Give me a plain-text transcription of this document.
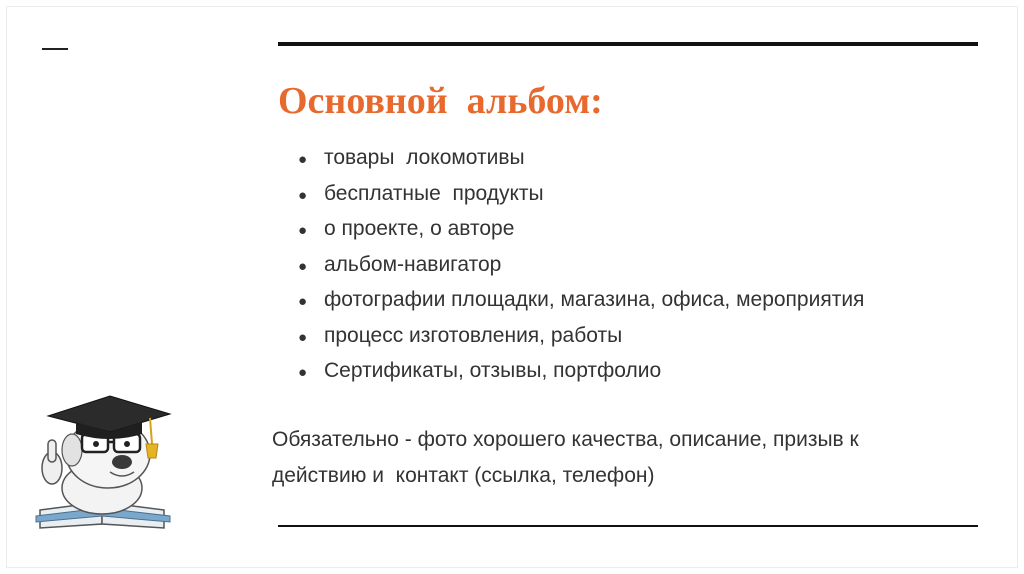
Основной  альбом:
● товары  локомотивы
● бесплатные  продукты
● о проекте, о авторе
● альбом-навигатор
● фотографии площадки, магазина, офиса, мероприятия
● процесс изготовления, работы
● Сертификаты, отзывы, портфолио

Обязательно - фото хорошего качества, описание, призыв к
действию и  контакт (ссылка, телефон)
